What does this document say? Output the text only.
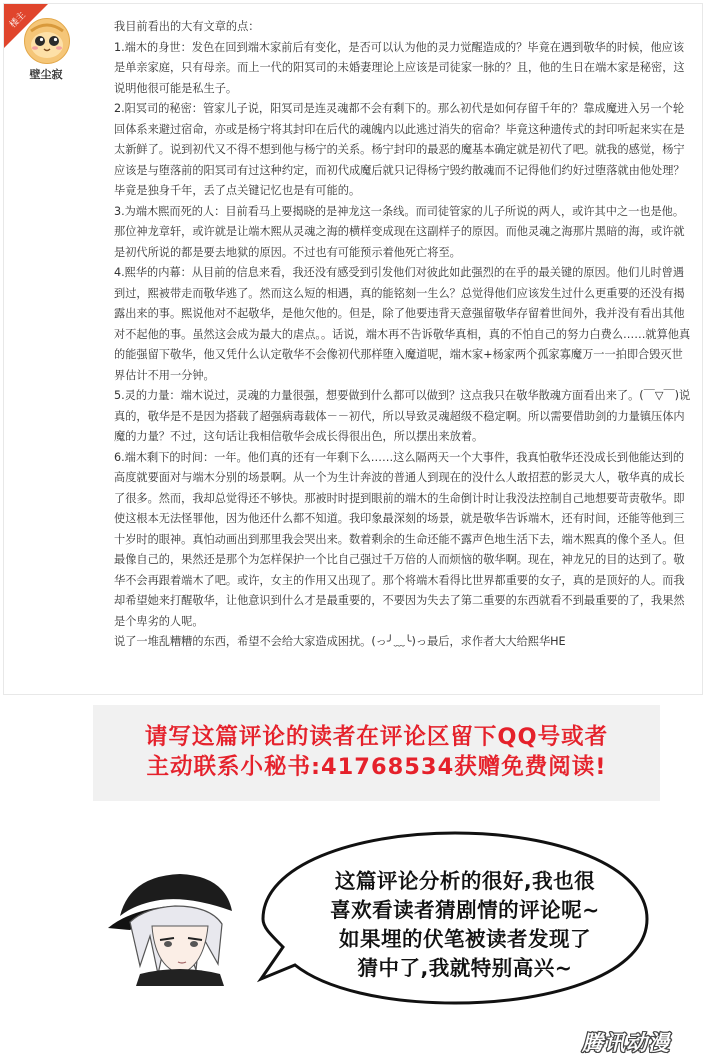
楼主
壁尘寂

我目前看出的大有文章的点：

1.端木的身世：发色在回到端木家前后有变化，是否可以认为他的灵力觉醒造成的？毕竟在遇到敬华的时候，他应该是单亲家庭，只有母亲。而上一代的阳冥司的未婚妻理论上应该是司徒家一脉的？且，他的生日在端木家是秘密，这说明他很可能是私生子。

2.阳冥司的秘密：管家儿子说，阳冥司是连灵魂都不会有剩下的。那么初代是如何存留千年的？靠成魔进入另一个轮回体系来避过宿命，亦或是杨宁将其封印在后代的魂魄内以此逃过消失的宿命？毕竟这种遗传式的封印听起来实在是太新鲜了。说到初代又不得不想到他与杨宁的关系。杨宁封印的最恶的魔基本确定就是初代了吧。就我的感觉，杨宁应该是与堕落前的阳冥司有过这种约定，而初代成魔后就只记得杨宁毁约散魂而不记得他们约好过堕落就由他处理？毕竟是独身千年，丢了点关键记忆也是有可能的。

3.为端木熙而死的人：目前看马上要揭晓的是神龙这一条线。而司徒管家的儿子所说的两人，或许其中之一也是他。那位神龙章轩，或许就是让端木熙从灵魂之海的横样变成现在这副样子的原因。而他灵魂之海那片黑暗的海，或许就是初代所说的都是要去地狱的原因。不过也有可能预示着他死亡将至。

4.熙华的内幕：从目前的信息来看，我还没有感受到引发他们对彼此如此强烈的在乎的最关键的原因。他们儿时曾遇到过，熙被带走而敬华逃了。然而这么短的相遇，真的能铭刻一生么？总觉得他们应该发生过什么更重要的还没有揭露出来的事。熙说他对不起敬华，是他欠他的。但是，除了他要违背天意强留敬华存留着世间外，我并没有看出其他对不起他的事。虽然这会成为最大的虐点。。话说，端木再不告诉敬华真相，真的不怕自己的努力白费么……就算他真的能强留下敬华，他又凭什么认定敬华不会像初代那样堕入魔道呢，端木家+杨家两个孤家寡魔万一一拍即合毁灭世界估计不用一分钟。

5.灵的力量：端木说过，灵魂的力量很强，想要做到什么都可以做到？这点我只在敬华散魂方面看出来了。(￣▽￣)说真的，敬华是不是因为搭载了超强病毒载体－－初代，所以导致灵魂超级不稳定啊。所以需要借助剑的力量镇压体内魔的力量？不过，这句话让我相信敬华会成长得很出色，所以摆出来放着。

6.端木剩下的时间：一年。他们真的还有一年剩下么……这么隔两天一个大事件，我真怕敬华还没成长到他能达到的高度就要面对与端木分别的场景啊。从一个为生计奔波的普通人到现在的没什么人敢招惹的影灵大人，敬华真的成长了很多。然而，我却总觉得还不够快。那被时时提到眼前的端木的生命倒计时让我没法控制自己地想要苛责敬华。即使这根本无法怪罪他，因为他还什么都不知道。我印象最深刻的场景，就是敬华告诉端木，还有时间，还能等他到三十岁时的眼神。真怕动画出到那里我会哭出来。数着剩余的生命还能不露声色地生活下去，端木熙真的像个圣人。但最像自己的，果然还是那个为怎样保护一个比自己强过千万倍的人而烦恼的敬华啊。现在，神龙兄的目的达到了。敬华不会再跟着端木了吧。或许，女主的作用又出现了。那个将端木看得比世界都重要的女子，真的是顶好的人。而我却希望她来打醒敬华，让他意识到什么才是最重要的，不要因为失去了第二重要的东西就看不到最重要的了，我果然是个卑劣的人呢。

说了一堆乱糟糟的东西，希望不会给大家造成困扰。(っ╯﹏╰)っ最后，求作者大大给熙华HE

请写这篇评论的读者在评论区留下QQ号或者
主动联系小秘书:41768534获赠免费阅读!
这篇评论分析的很好,我也很
喜欢看读者猜剧情的评论呢~
如果埋的伏笔被读者发现了
猜中了,我就特别高兴~
腾讯动漫
